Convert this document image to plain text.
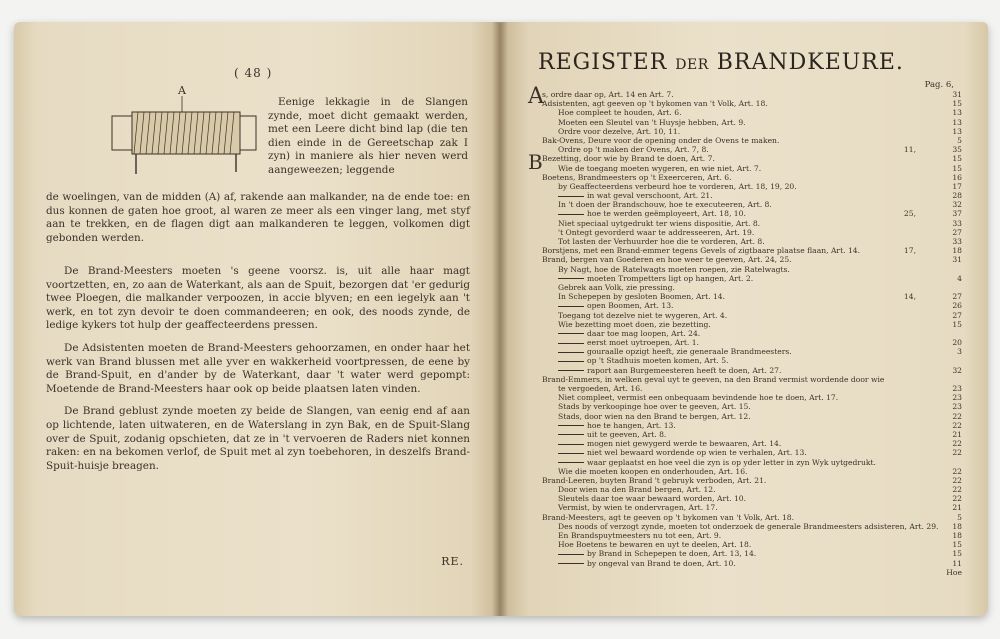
( 48 )
A
Eenige lekkagie in de Slangen zynde, moet dicht gemaakt werden, met een Leere dicht bind lap (die ten dien einde in de Gereetschap zak I zyn) in maniere als hier neven werd aangeweezen; leggende
de woelingen, van de midden (A) af, rakende aan malkander, na de ende toe: en dus konnen de gaten hoe groot, al waren ze meer als een vinger lang, met styf aan te trekken, en de flagen digt aan malkanderen te leggen, volkomen digt gebonden werden.

De Brand-Meesters moeten 's geene voorsz. is, uit alle haar magt voortzetten, en, zo aan de Waterkant, als aan de Spuit, bezorgen dat 'er gedurig twee Ploegen, die malkander verpoozen, in accie blyven; en een iegelyk aan 't werk, en tot zyn devoir te doen commandeeren; en ook, des noods zynde, de ledige kykers tot hulp der geaffecteerdens pressen.

De Adsistenten moeten de Brand-Meesters gehoorzamen, en onder haar het werk van Brand blussen met alle yver en wakkerheid voortpressen, de eene by de Brand-Spuit, en d'ander by de Waterkant, daar 't water werd gepompt: Moetende de Brand-Meesters haar ook op beide plaatsen laten vinden.

De Brand geblust zynde moeten zy beide de Slangen, van eenig end af aan op lichtende, laten uitwateren, en de Waterslang in zyn Bak, en de Spuit-Slang over de Spuit, zodanig opschieten, dat ze in 't vervoeren de Raders niet konnen raken: en na bekomen verlof, de Spuit met al zyn toebehoren, in deszelfs Brand-Spuit-huisje breagen.

RE.
REGISTER DER BRANDKEURE.
Pag. 6,
A
s, ordre daar op, Art. 14 en Art. 7.	31
Adsistenten, agt geeven op 't bykomen van 't Volk, Art. 18.	15
Hoe compleet te houden, Art. 6.	13
Moeten een Sleutel van 't Huysje hebben, Art. 9.	13
Ordre voor dezelve, Art. 10, 11.	13
Bak-Ovens, Deure voor de opening onder de Ovens te maken.	5
Ordre op 't maken der Ovens, Art. 7, 8.	11,	35
B Bezetting, door wie by Brand te doen, Art. 7.	15
Wie de toegang moeten wygeren, en wie niet, Art. 7.	15
Boetens, Brandmeesters op 't Exeerceren, Art. 6.	16
by Geaffecteerdens verbeurd hoe te vorderen, Art. 18, 19, 20.	17
in wat geval verschoont, Art. 21.	28
In 't doen der Brandschouw, hoe te executeeren, Art. 8.	32
hoe te werden geëmployeert, Art. 18, 10.	25,	37
Niet speciaal uytgedrukt ter wiens dispositie, Art. 8.	33
't Ontegt gevorderd waar te addresseeren, Art. 19.	27
Tot lasten der Verhuurder hoe die te vorderen, Art. 8.	33
Borstjens, met een Brand-emmer tegens Gevels of zigtbaare plaatse flaan, Art. 14.	17,	18
Brand, bergen van Goederen en hoe weer te geeven, Art. 24, 25.	31
By Nagt, hoe de Ratelwagts moeten roepen, zie Ratelwagts.
moeten Trompetters ligt op hangen, Art. 2.	4
Gebrek aan Volk, zie pressing.
In Schepepen by gesloten Boomen, Art. 14.	14,	27
open Boomen, Art. 13.	26
Toegang tot dezelve niet te wygeren, Art. 4.	27
Wie bezetting moet doen, zie bezetting.	15
daar toe mag loopen, Art. 24.
eerst moet uytroepen, Art. 1.	20
gouraalle opzigt heeft, zie generaale Brandmeesters.	3
op 't Stadhuis moeten komen, Art. 5.
raport aan Burgemeesteren heeft te doen, Art. 27.	32
Brand-Emmers, in welken geval uyt te geeven, na den Brand vermist wordende door wie
te vergoeden, Art. 16.	23
Niet compleet, vermist een onbequaam bevindende hoe te doen, Art. 17.	23
Stads by verkoopinge hoe over te geeven, Art. 15.	23
Stads, door wien na den Brand te bergen, Art. 12.	22
hoe te hangen, Art. 13.	22
uit te geeven, Art. 8.	21
mogen niet gewygerd werde te bewaaren, Art. 14.	22
niet wel bewaard wordende op wien te verhalen, Art. 13.	22
waar geplaatst en hoe veel die zyn is op yder letter in zyn Wyk uytgedrukt.
Wie die moeten koopen en onderhouden, Art. 16.	22
Brand-Leeren, buyten Brand 't gebruyk verboden, Art. 21.	22
Door wien na den Brand bergen, Art. 12.	22
Sleutels daar toe waar bewaard worden, Art. 10.	22
Vermist, by wien te ondervragen, Art. 17.	21
Brand-Meesters, agt te geeven op 't bykomen van 't Volk, Art. 18.	5
Des noods of verzogt zynde, moeten tot onderzoek de generale Brandmeesters adsisteren, Art. 29.	18
En Brandspuytmeesters nu tot een, Art. 9.	18
Hoe Boetens te bewaren en uyt te deelen, Art. 18.	15
by Brand in Schepepen te doen, Art. 13, 14.	15
by ongeval van Brand te doen, Art. 10.	11
Hoe
